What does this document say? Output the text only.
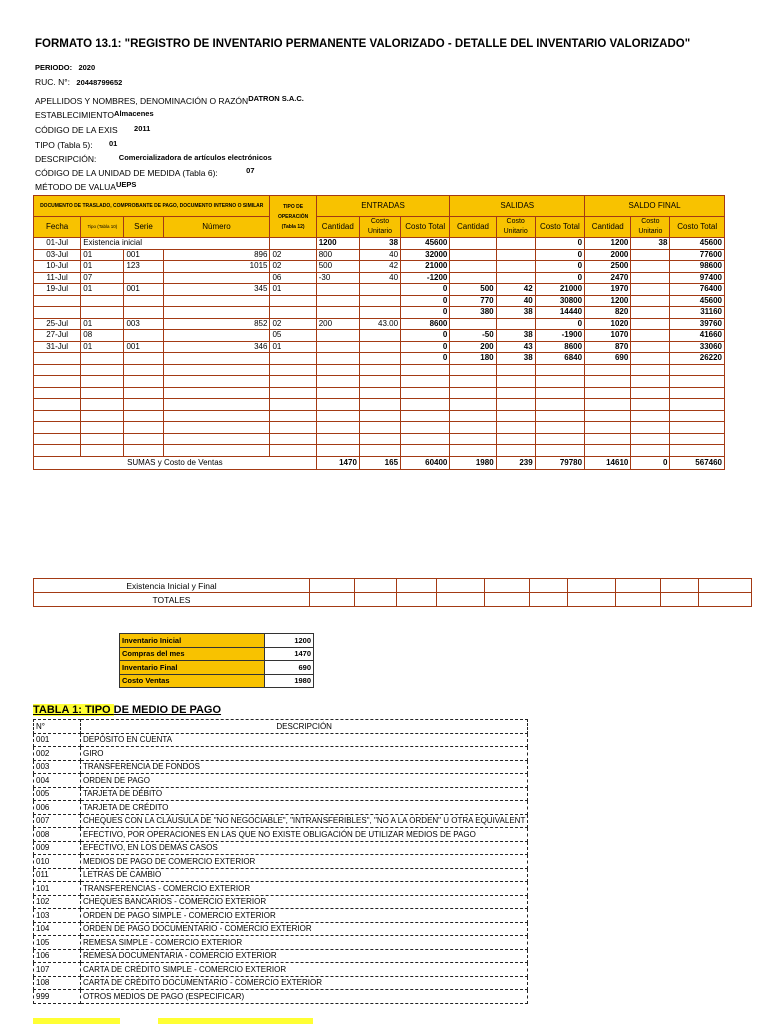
FORMATO 13.1: "REGISTRO DE INVENTARIO PERMANENTE VALORIZADO - DETALLE DEL INVENTARIO VALORIZADO"
PERIODO: 2020
RUC. N°: 20448799652
APELLIDOS Y NOMBRES, DENOMINACIÓN O RAZÓNDATRON S.A.C.
ESTABLECIMIENTOAlmacenes
CÓDIGO DE LA EXIS 2011
TIPO (Tabla 5): 01
DESCRIPCIÓN:	Comercializadora de artículos electrónicos
CÓDIGO DE LA UNIDAD DE MEDIDA (Tabla 6):	07
MÉTODO DE VALUAUEPS
DOCUMENTO DE TRASLADO, COMPROBANTE DE PAGO, DOCUMENTO INTERNO O SIMILAR				TIPO DE OPERACIÓN (Tabla 12)	ENTRADAS			SALIDAS			SALDO FINAL		
Fecha	Tipo (Tabla 10)	Serie	Número		Cantidad	Costo Unitario	Costo Total	Cantidad	Costo Unitario	Costo Total	Cantidad	Costo Unitario	Costo Total
01-Jul	Existencia inicial				1200	38	45600			0	1200	38	45600
03-Jul	01	001	896	02	800	40	32000			0	2000		77600
10-Jul	01	123	1015	02	500	42	21000			0	2500		98600
11-Jul	07			06	-30	40	-1200			0	2470		97400
19-Jul	01	001	345	01			0	500	42	21000	1970		76400
							0	770	40	30800	1200		45600
							0	380	38	14440	820		31160
25-Jul	01	003	852	02	200	43.00	8600			0	1020		39760
27-Jul	08			05			0	-50	38	-1900	1070		41660
31-Jul	01	001	346	01			0	200	43	8600	870		33060
							0	180	38	6840	690		26220

SUMAS y Costo de Ventas					1470	165	60400	1980	239	79780	14610	0	567460
Existencia Inicial y Final										
TOTALES										
Inventario Inicial	1200
Compras del mes	1470
Inventario Final	690
Costo Ventas	1980
TABLA 1: TIPO DE MEDIO DE PAGO
N°	DESCRIPCIÓN
001	DEPÓSITO EN CUENTA
002	GIRO
003	TRANSFERENCIA DE FONDOS
004	ORDEN DE PAGO
005	TARJETA DE DÉBITO
006	TARJETA DE CRÉDITO
007	CHEQUES CON LA CLÁUSULA DE "NO NEGOCIABLE", "INTRANSFERIBLES", "NO A LA ORDEN" U OTRA EQUIVALENT
008	EFECTIVO, POR OPERACIONES EN LAS QUE NO EXISTE OBLIGACIÓN DE UTILIZAR MEDIOS DE PAGO
009	EFECTIVO, EN LOS DEMÁS CASOS
010	MEDIOS DE PAGO DE COMERCIO EXTERIOR
011	LETRAS DE CAMBIO
101	TRANSFERENCIAS - COMERCIO EXTERIOR
102	CHEQUES BANCARIOS - COMERCIO EXTERIOR
103	ORDEN DE PAGO SIMPLE - COMERCIO EXTERIOR
104	ORDEN DE PAGO DOCUMENTARIO - COMERCIO EXTERIOR
105	REMESA SIMPLE - COMERCIO EXTERIOR
106	REMESA DOCUMENTARIA - COMERCIO EXTERIOR
107	CARTA DE CRÉDITO SIMPLE - COMERCIO EXTERIOR
108	CARTA DE CRÉDITO DOCUMENTARIO - COMERCIO EXTERIOR
999	OTROS MEDIOS DE PAGO (ESPECIFICAR)
